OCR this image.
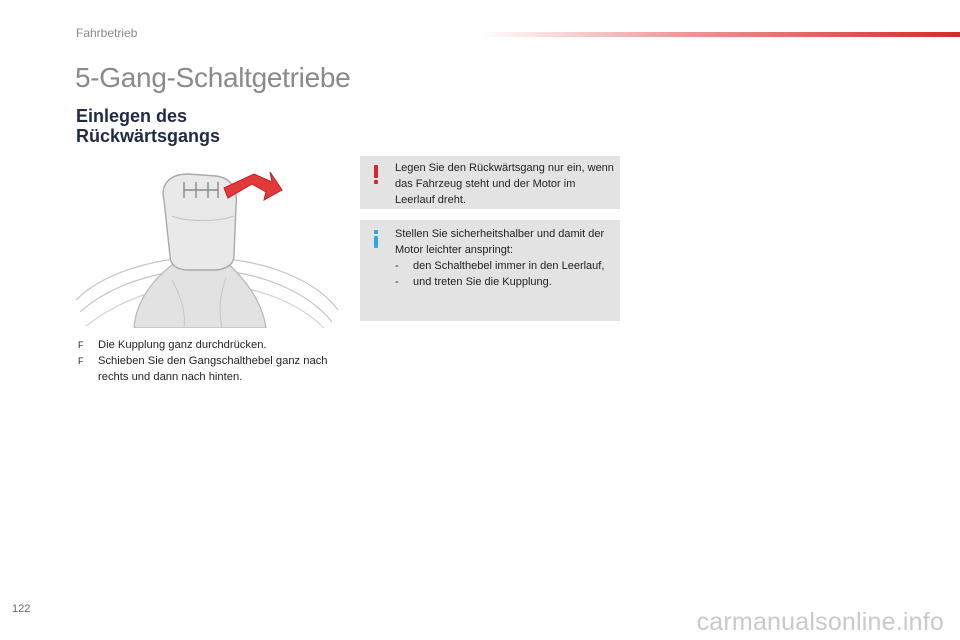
Fahrbetrieb
5-Gang-Schaltgetriebe
Einlegen des
Rückwärtsgangs
F Die Kupplung ganz durchdrücken.
F Schieben Sie den Gangschalthebel ganz nach rechts und dann nach hinten.
Legen Sie den Rückwärtsgang nur ein, wenn das Fahrzeug steht und der Motor im Leerlauf dreht.
Stellen Sie sicherheitshalber und damit der Motor leichter anspringt:
- den Schalthebel immer in den Leerlauf,
- und treten Sie die Kupplung.
122	carmanualsonline.info
